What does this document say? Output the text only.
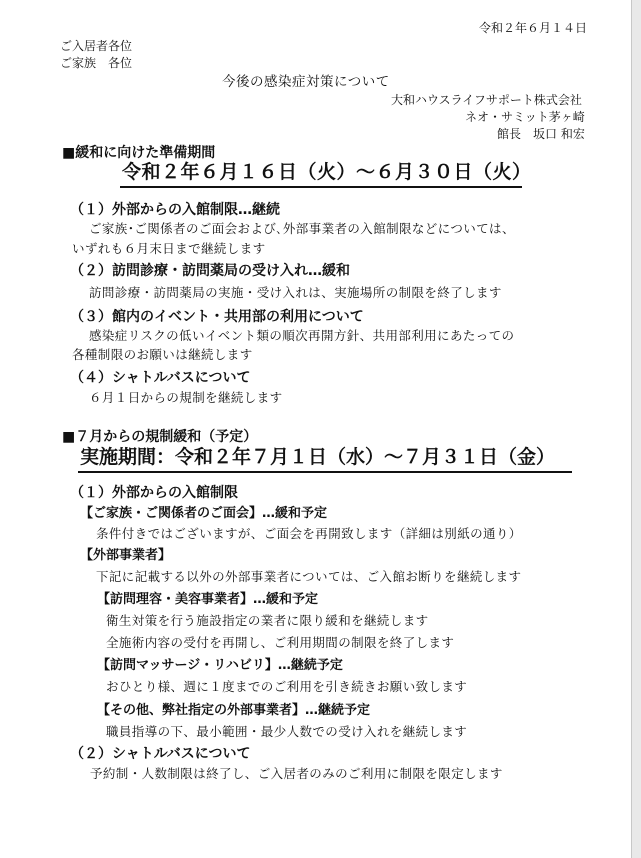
令和２年６月１４日
ご入居者各位
ご家族　各位
今後の感染症対策について
大和ハウスライフサポート株式会社
ネオ・サミット茅ヶ崎
館長　坂口 和宏
■緩和に向けた準備期間
令和２年６月１６日（火）～６月３０日（火）
（１）外部からの入館制限…継続
ご家族･ご関係者のご面会および､外部事業者の入館制限などについては、
いずれも６月末日まで継続します
（２）訪問診療・訪問薬局の受け入れ…緩和
訪問診療・訪問薬局の実施・受け入れは、実施場所の制限を終了します
（３）館内のイベント・共用部の利用について
感染症リスクの低いイベント類の順次再開方針、共用部利用にあたっての
各種制限のお願いは継続します
（４）シャトルバスについて
６月１日からの規制を継続します
■７月からの規制緩和（予定）
実施期間：令和２年７月１日（水）～７月３１日（金）
（１）外部からの入館制限
【ご家族・ご関係者のご面会】…緩和予定
条件付きではございますが、ご面会を再開致します（詳細は別紙の通り）
【外部事業者】
下記に記載する以外の外部事業者については、ご入館お断りを継続します
【訪問理容・美容事業者】…緩和予定
衛生対策を行う施設指定の業者に限り緩和を継続します
全施術内容の受付を再開し、ご利用期間の制限を終了します
【訪問マッサージ・リハビリ】…継続予定
おひとり様、週に１度までのご利用を引き続きお願い致します
【その他、弊社指定の外部事業者】…継続予定
職員指導の下、最小範囲・最少人数での受け入れを継続します
（２）シャトルバスについて
予約制・人数制限は終了し、ご入居者のみのご利用に制限を限定します
